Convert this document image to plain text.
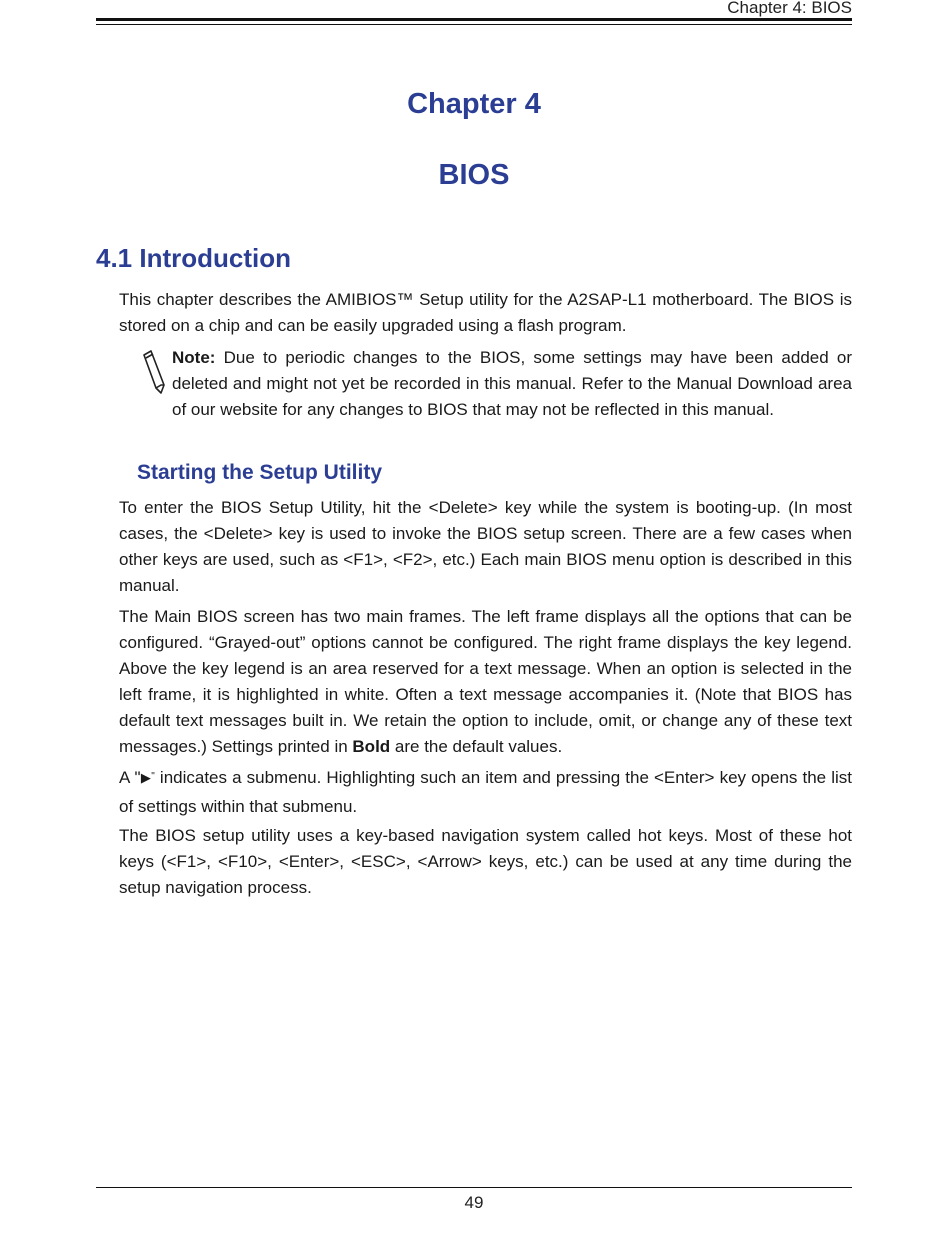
Chapter 4: BIOS
Chapter 4
BIOS
4.1 Introduction

This chapter describes the AMIBIOS™ Setup utility for the A2SAP-L1 motherboard. The BIOS is stored on a chip and can be easily upgraded using a flash program.

Note: Due to periodic changes to the BIOS, some settings may have been added or deleted and might not yet be recorded in this manual. Refer to the Manual Download area of our website for any changes to BIOS that may not be reflected in this manual.

Starting the Setup Utility

To enter the BIOS Setup Utility, hit the <Delete> key while the system is booting-up. (In most cases, the <Delete> key is used to invoke the BIOS setup screen. There are a few cases when other keys are used, such as <F1>, <F2>, etc.) Each main BIOS menu option is described in this manual.

The Main BIOS screen has two main frames. The left frame displays all the options that can be configured. “Grayed-out” options cannot be configured. The right frame displays the key legend. Above the key legend is an area reserved for a text message. When an option is selected in the left frame, it is highlighted in white. Often a text message accompanies it. (Note that BIOS has default text messages built in. We retain the option to include, omit, or change any of these text messages.) Settings printed in Bold are the default values.

A "▶" indicates a submenu. Highlighting such an item and pressing the <Enter> key opens the list of settings within that submenu.

The BIOS setup utility uses a key-based navigation system called hot keys. Most of these hot keys (<F1>, <F10>, <Enter>, <ESC>, <Arrow> keys, etc.) can be used at any time during the setup navigation process.

49
